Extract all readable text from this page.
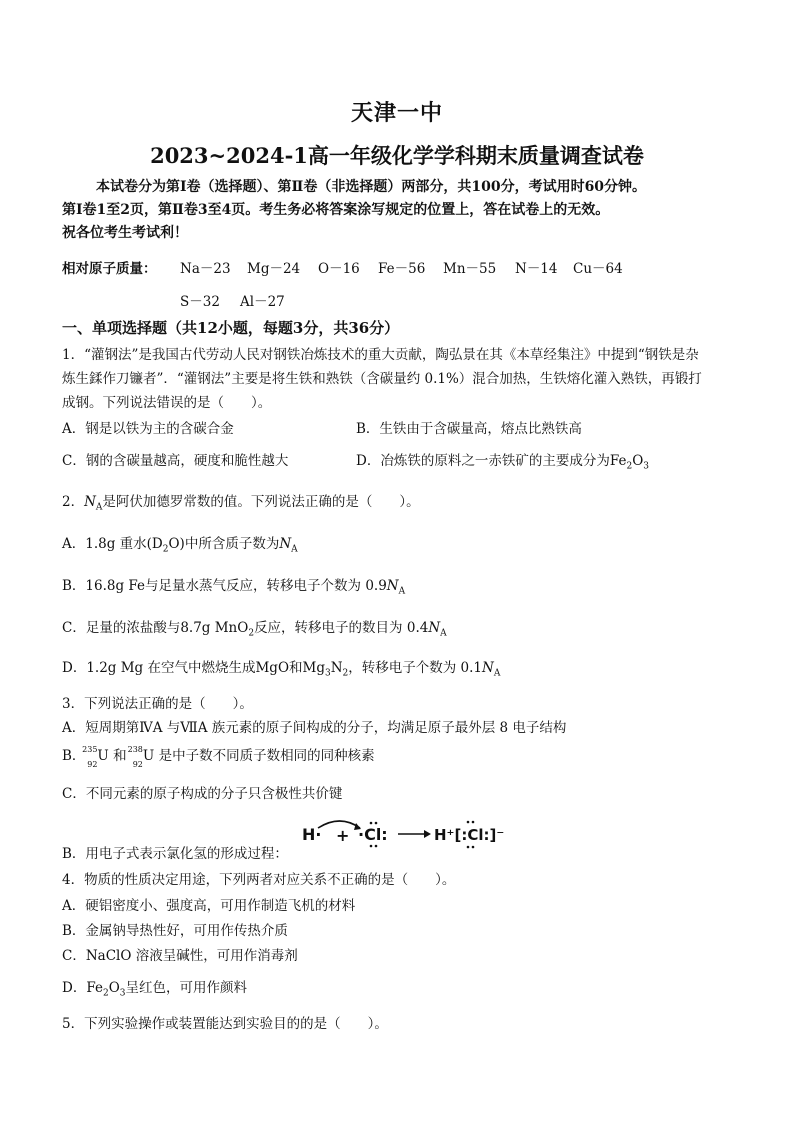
天津一中
2023~2024-1高一年级化学学科期末质量调查试卷
本试卷分为第Ⅰ卷（选择题）、第Ⅱ卷（非选择题）两部分，共100分，考试用时60分钟。
第Ⅰ卷1至2页，第Ⅱ卷3至4页。考生务必将答案涂写规定的位置上，答在试卷上的无效。
祝各位考生考试利！
相对原子质量： Na－23 Mg－24 O－16 Fe－56 Mn－55 N－14 Cu－64
S－32 Al－27
一、单项选择题（共12小题，每题3分，共36分）
1．“灌钢法”是我国古代劳动人民对钢铁冶炼技术的重大贡献，陶弘景在其《本草经集注》中提到“钢铁是杂
炼生鍒作刀镰者”．“灌钢法”主要是将生铁和熟铁（含碳量约 0.1%）混合加热，生铁熔化灌入熟铁，再锻打
成钢。下列说法错误的是（　　）。
A．钢是以铁为主的含碳合金	B．生铁由于含碳量高，熔点比熟铁高
C．钢的含碳量越高，硬度和脆性越大	D．冶炼铁的原料之一赤铁矿的主要成分为$Fe_2O_3$
2．$N_A$是阿伏加德罗常数的值。下列说法正确的是（　　）。
A．1.8g 重水$(D_2O)$中所含质子数为$N_A$
B．16.8g Fe与足量水蒸气反应，转移电子个数为 $0.9N_A$
C．足量的浓盐酸与8.7g MnO$_2$反应，转移电子的数目为 $0.4N_A$
D．1.2g Mg 在空气中燃烧生成MgO和$Mg_3N_2$，转移电子个数为 $0.1N_A$
3．下列说法正确的是（　　）。
A．短周期第ⅣA 与ⅦA 族元素的原子间构成的分子，均满足原子最外层 8 电子结构
B．
235
92 U 和
238
92 U 是中子数不同质子数相同的同种核素
C．不同元素的原子构成的分子只含极性共价键
B．用电子式表示氯化氢的形成过程：
H· + ·Cl:	H⁺[:Cl:]⁻
4．物质的性质决定用途，下列两者对应关系不正确的是（　　）。
A．硬铝密度小、强度高，可用作制造飞机的材料
B．金属钠导热性好，可用作传热介质
C．NaClO 溶液呈碱性，可用作消毒剂
D．$Fe_2O_3$呈红色，可用作颜料
5．下列实验操作或装置能达到实验目的的是（　　）。
